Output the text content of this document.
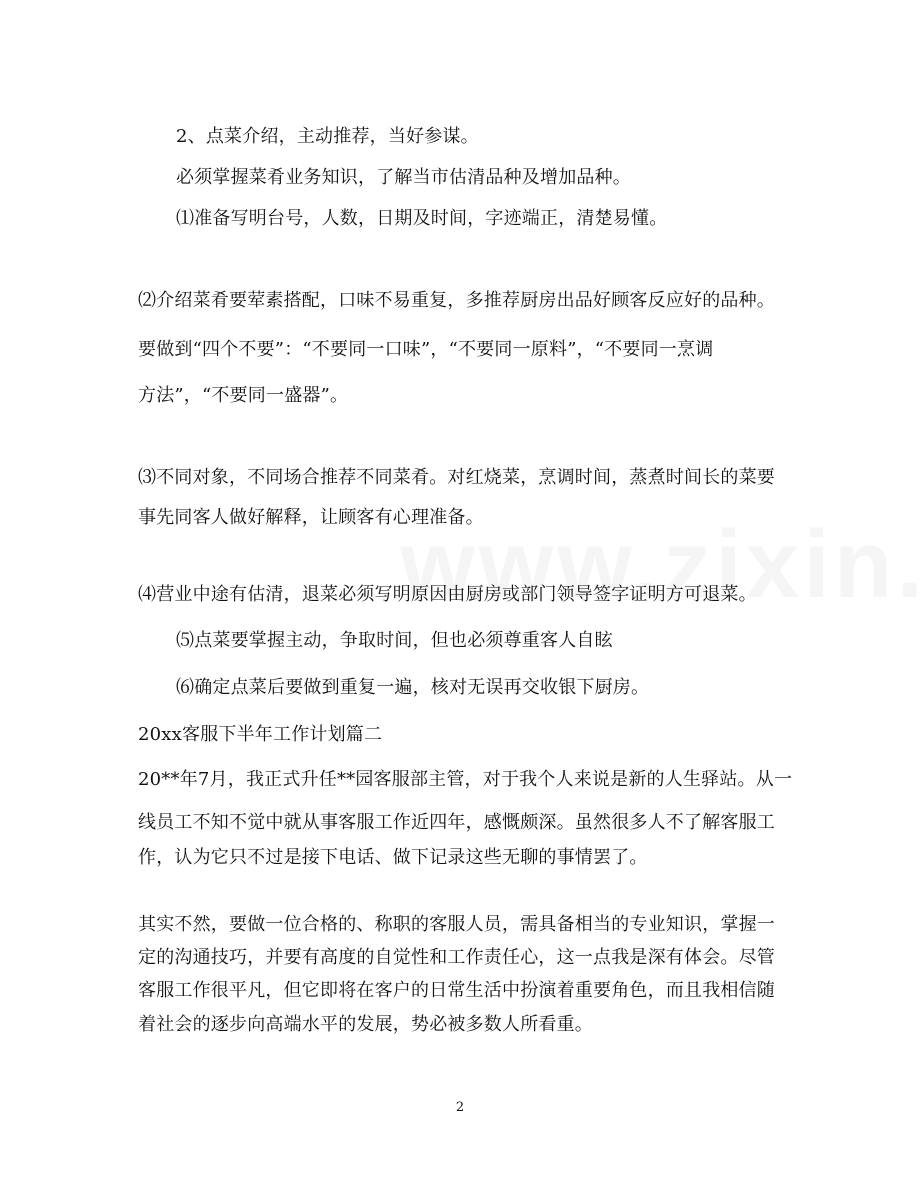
2、点菜介绍，主动推荐，当好参谋。
必须掌握菜肴业务知识，了解当市估清品种及增加品种。
⑴准备写明台号，人数，日期及时间，字迹端正，清楚易懂。
⑵介绍菜肴要荤素搭配，口味不易重复，多推荐厨房出品好顾客反应好的品种。
要做到“四个不要”：“不要同一口味”，“不要同一原料”，“不要同一烹调
方法”，“不要同一盛器”。
⑶不同对象，不同场合推荐不同菜肴。对红烧菜，烹调时间，蒸煮时间长的菜要
事先同客人做好解释，让顾客有心理准备。
⑷营业中途有估清，退菜必须写明原因由厨房或部门领导签字证明方可退菜。
⑸点菜要掌握主动，争取时间，但也必须尊重客人自眩
⑹确定点菜后要做到重复一遍，核对无误再交收银下厨房。
20xx客服下半年工作计划篇二
20**年7月，我正式升任**园客服部主管，对于我个人来说是新的人生驿站。从一
线员工不知不觉中就从事客服工作近四年，感慨颇深。虽然很多人不了解客服工
作，认为它只不过是接下电话、做下记录这些无聊的事情罢了。
其实不然，要做一位合格的、称职的客服人员，需具备相当的专业知识，掌握一
定的沟通技巧，并要有高度的自觉性和工作责任心，这一点我是深有体会。尽管
客服工作很平凡，但它即将在客户的日常生活中扮演着重要角色，而且我相信随
着社会的逐步向高端水平的发展，势必被多数人所看重。
2
